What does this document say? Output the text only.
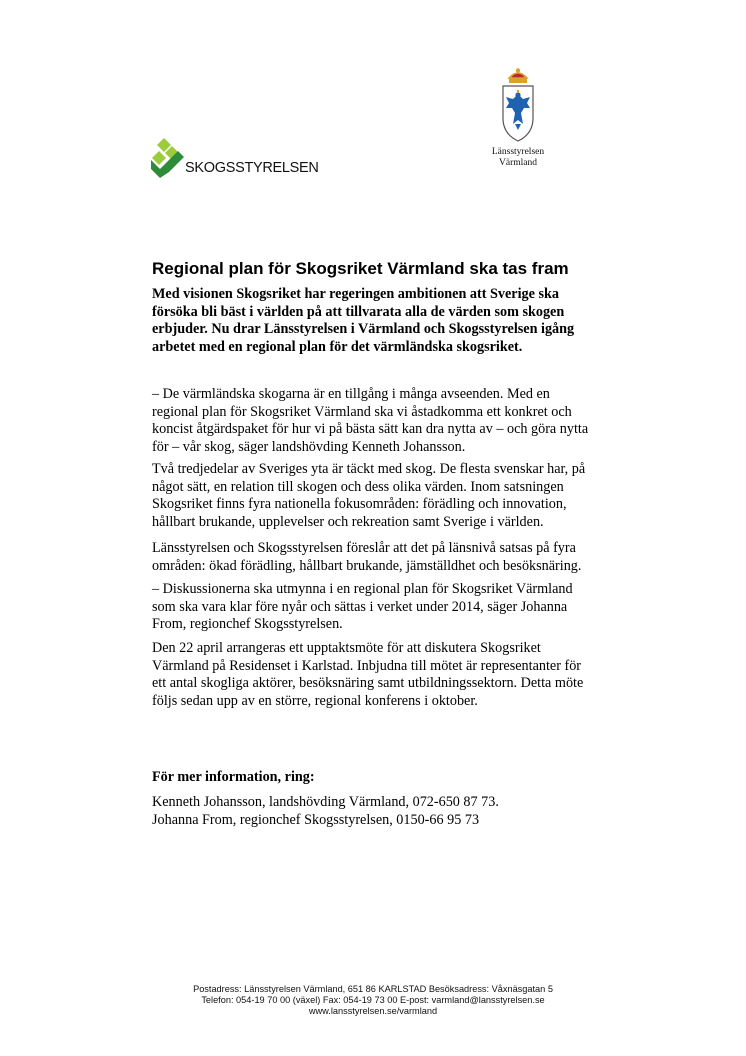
SKOGSSTYRELSEN
Länsstyrelsen
Värmland
Regional plan för Skogsriket Värmland ska tas fram
Med visionen Skogsriket har regeringen ambitionen att Sverige ska
försöka bli bäst i världen på att tillvarata alla de värden som skogen
erbjuder. Nu drar Länsstyrelsen i Värmland och Skogsstyrelsen igång
arbetet med en regional plan för det värmländska skogsriket.
– De värmländska skogarna är en tillgång i många avseenden. Med en
regional plan för Skogsriket Värmland ska vi åstadkomma ett konkret och
koncist åtgärdspaket för hur vi på bästa sätt kan dra nytta av – och göra nytta
för – vår skog, säger landshövding Kenneth Johansson.
Två tredjedelar av Sveriges yta är täckt med skog. De flesta svenskar har, på
något sätt, en relation till skogen och dess olika värden. Inom satsningen
Skogsriket finns fyra nationella fokusområden: förädling och innovation,
hållbart brukande, upplevelser och rekreation samt Sverige i världen.
Länsstyrelsen och Skogsstyrelsen föreslår att det på länsnivå satsas på fyra
områden: ökad förädling, hållbart brukande, jämställdhet och besöksnäring.
– Diskussionerna ska utmynna i en regional plan för Skogsriket Värmland
som ska vara klar före nyår och sättas i verket under 2014, säger Johanna
From, regionchef Skogsstyrelsen.
Den 22 april arrangeras ett upptaktsmöte för att diskutera Skogsriket
Värmland på Residenset i Karlstad. Inbjudna till mötet är representanter för
ett antal skogliga aktörer, besöksnäring samt utbildningssektorn. Detta möte
följs sedan upp av en större, regional konferens i oktober.
För mer information, ring:
Kenneth Johansson, landshövding Värmland, 072-650 87 73.
Johanna From, regionchef Skogsstyrelsen, 0150-66 95 73
Postadress: Länsstyrelsen Värmland, 651 86 KARLSTAD Besöksadress: Våxnäsgatan 5
Telefon: 054-19 70 00 (växel) Fax: 054-19 73 00 E-post: varmland@lansstyrelsen.se
www.lansstyrelsen.se/varmland
